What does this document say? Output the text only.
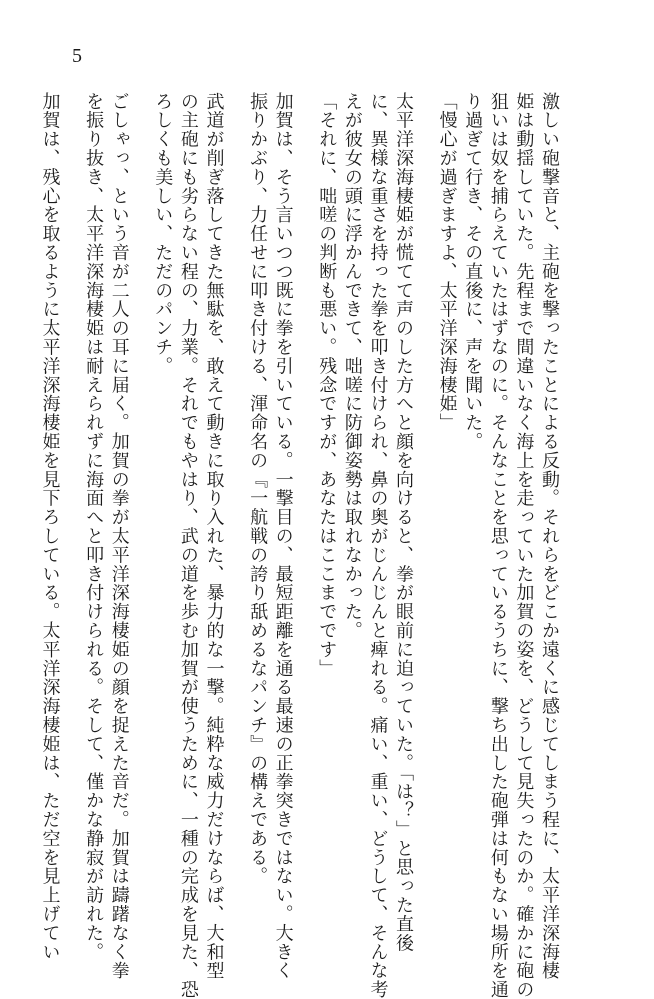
5

激しい砲撃音と、主砲を撃ったことによる反動。それらをどこか遠くに感じてしまう程に、太平洋深海棲

姫は動揺していた。先程まで間違いなく海上を走っていた加賀の姿を、どうして見失ったのか。確かに砲の

狙いは奴を捕らえていたはずなのに。そんなことを思っているうちに、撃ち出した砲弾は何もない場所を通

り過ぎて行き、その直後に、声を聞いた。

「慢心が過ぎますよ、太平洋深海棲姫」

太平洋深海棲姫が慌てて声のした方へと顔を向けると、拳が眼前に迫っていた。「は？」と思った直後

に、異様な重さを持った拳を叩き付けられ、鼻の奥がじんじんと痺れる。痛い、重い、どうして、そんな考

えが彼女の頭に浮かんできて、咄嗟に防御姿勢は取れなかった。

「それに、咄嗟の判断も悪い。残念ですが、あなたはここまでです」

加賀は、そう言いつつ既に拳を引いている。一撃目の、最短距離を通る最速の正拳突きではない。大きく

振りかぶり、力任せに叩き付ける、渾命名の『一航戦の誇り舐めるなパンチ』の構えである。

武道が削ぎ落してきた無駄を、敢えて動きに取り入れた、暴力的な一撃。純粋な威力だけならば、大和型

の主砲にも劣らない程の、力業。それでもやはり、武の道を歩む加賀が使うために、一種の完成を見た、恐

ろしくも美しい、ただのパンチ。

ごしゃっ、という音が二人の耳に届く。加賀の拳が太平洋深海棲姫の顔を捉えた音だ。加賀は躊躇なく拳

を振り抜き、太平洋深海棲姫は耐えられずに海面へと叩き付けられる。そして、僅かな静寂が訪れた。

加賀は、残心を取るように太平洋深海棲姫を見下ろしている。太平洋深海棲姫は、ただ空を見上げてい
